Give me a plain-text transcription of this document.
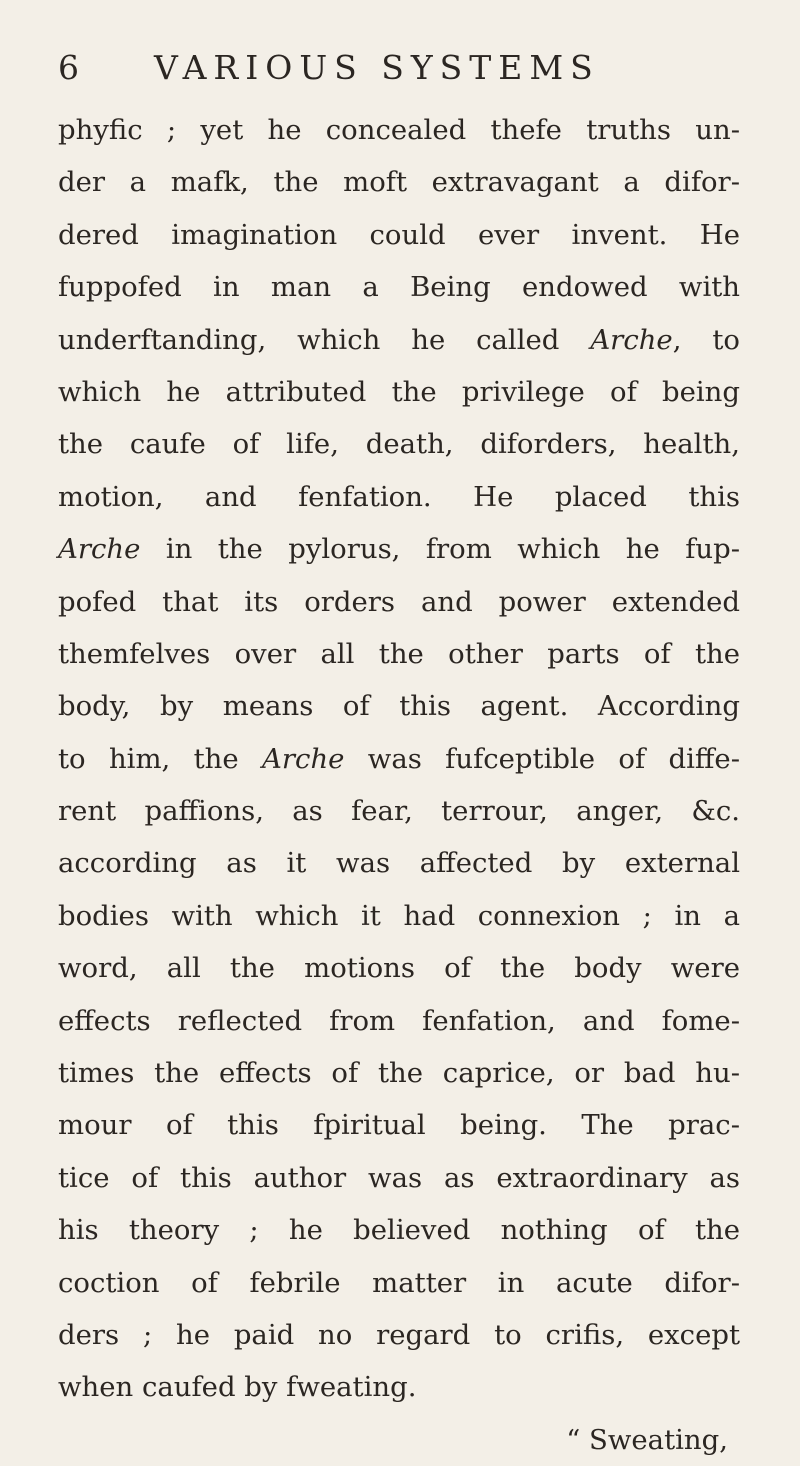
6 VARIOUS SYSTEMS
phyfic ; yet he concealed thefe truths un-
der a mafk, the moft extravagant a difor-
dered imagination could ever invent. He
fuppofed in man a Being endowed with
underftanding, which he called Arche, to
which he attributed the privilege of being
the caufe of life, death, diforders, health,
motion, and fenfation. He placed this
Arche in the pylorus, from which he fup-
pofed that its orders and power extended
themfelves over all the other parts of the
body, by means of this agent. According
to him, the Arche was fufceptible of diffe-
rent paffions, as fear, terrour, anger, &c.
according as it was affected by external
bodies with which it had connexion ; in a
word, all the motions of the body were
effects reflected from fenfation, and fome-
times the effects of the caprice, or bad hu-
mour of this fpiritual being. The prac-
tice of this author was as extraordinary as
his theory ; he believed nothing of the
coction of febrile matter in acute difor-
ders ; he paid no regard to crifis, except
when caufed by fweating.
“ Sweating,
